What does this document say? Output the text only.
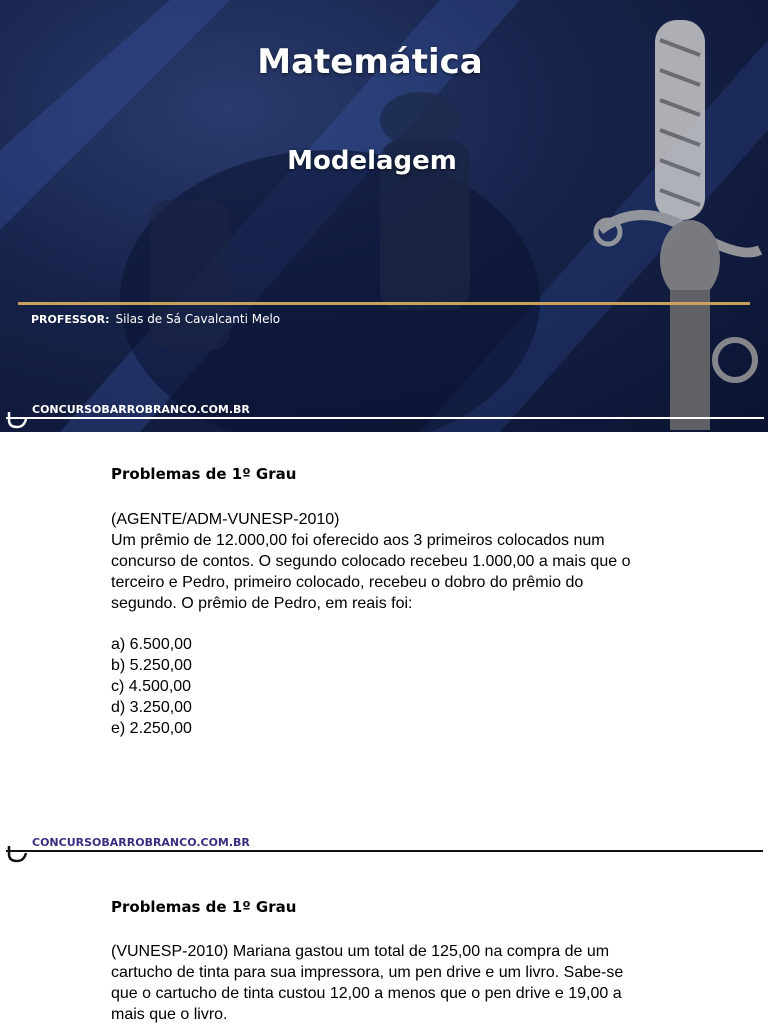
Matemática
Modelagem
PROFESSOR: Silas de Sá Cavalcanti Melo
CONCURSOBARROBRANCO.COM.BR

Problemas de 1º Grau

(AGENTE/ADM-VUNESP-2010)

Um prêmio de 12.000,00 foi oferecido aos 3 primeiros colocados num

concurso de contos. O segundo colocado recebeu 1.000,00 a mais que o

terceiro e Pedro, primeiro colocado, recebeu o dobro do prêmio do

segundo. O prêmio de Pedro, em reais foi:

a) 6.500,00

b) 5.250,00

c) 4.500,00

d) 3.250,00

e) 2.250,00

CONCURSOBARROBRANCO.COM.BR

Problemas de 1º Grau

(VUNESP-2010) Mariana gastou um total de 125,00 na compra de um

cartucho de tinta para sua impressora, um pen drive e um livro. Sabe-se

que o cartucho de tinta custou 12,00 a menos que o pen drive e 19,00 a

mais que o livro.
